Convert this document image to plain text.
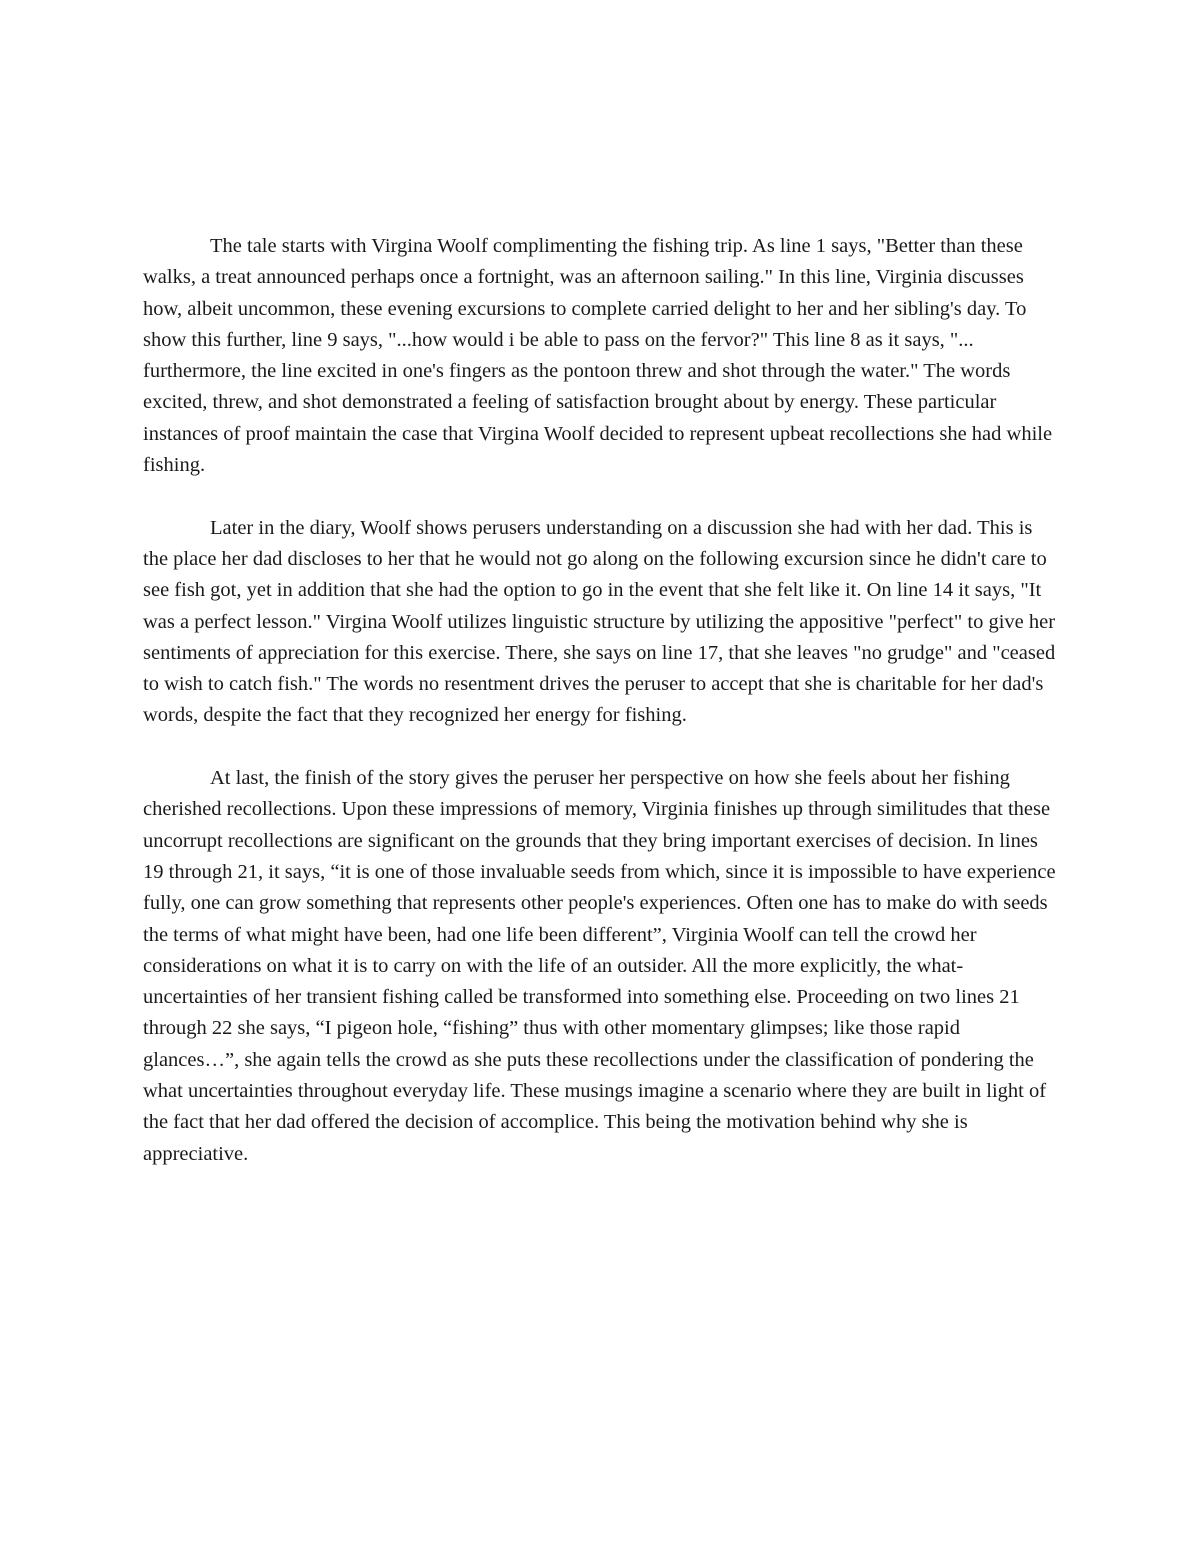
The tale starts with Virgina Woolf complimenting the fishing trip. As line 1 says, "Better than these walks, a treat announced perhaps once a fortnight, was an afternoon sailing." In this line, Virginia discusses how, albeit uncommon, these evening excursions to complete carried delight to her and her sibling's day. To show this further, line 9 says, "...how would i be able to pass on the fervor?" This line 8 as it says, "... furthermore, the line excited in one's fingers as the pontoon threw and shot through the water." The words excited, threw, and shot demonstrated a feeling of satisfaction brought about by energy. These particular instances of proof maintain the case that Virgina Woolf decided to represent upbeat recollections she had while fishing.

Later in the diary, Woolf shows perusers understanding on a discussion she had with her dad. This is the place her dad discloses to her that he would not go along on the following excursion since he didn't care to see fish got, yet in addition that she had the option to go in the event that she felt like it. On line 14 it says, "It was a perfect lesson." Virgina Woolf utilizes linguistic structure by utilizing the appositive "perfect" to give her sentiments of appreciation for this exercise. There, she says on line 17, that she leaves "no grudge" and "ceased to wish to catch fish." The words no resentment drives the peruser to accept that she is charitable for her dad's words, despite the fact that they recognized her energy for fishing.

At last, the finish of the story gives the peruser her perspective on how she feels about her fishing cherished recollections. Upon these impressions of memory, Virginia finishes up through similitudes that these uncorrupt recollections are significant on the grounds that they bring important exercises of decision. In lines 19 through 21, it says, “it is one of those invaluable seeds from which, since it is impossible to have experience fully, one can grow something that represents other people's experiences. Often one has to make do with seeds the terms of what might have been, had one life been different”, Virginia Woolf can tell the crowd her considerations on what it is to carry on with the life of an outsider. All the more explicitly, the what-uncertainties of her transient fishing called be transformed into something else. Proceeding on two lines 21 through 22 she says, “I pigeon hole, “fishing” thus with other momentary glimpses; like those rapid glances…”, she again tells the crowd as she puts these recollections under the classification of pondering the what uncertainties throughout everyday life. These musings imagine a scenario where they are built in light of the fact that her dad offered the decision of accomplice. This being the motivation behind why she is appreciative.
